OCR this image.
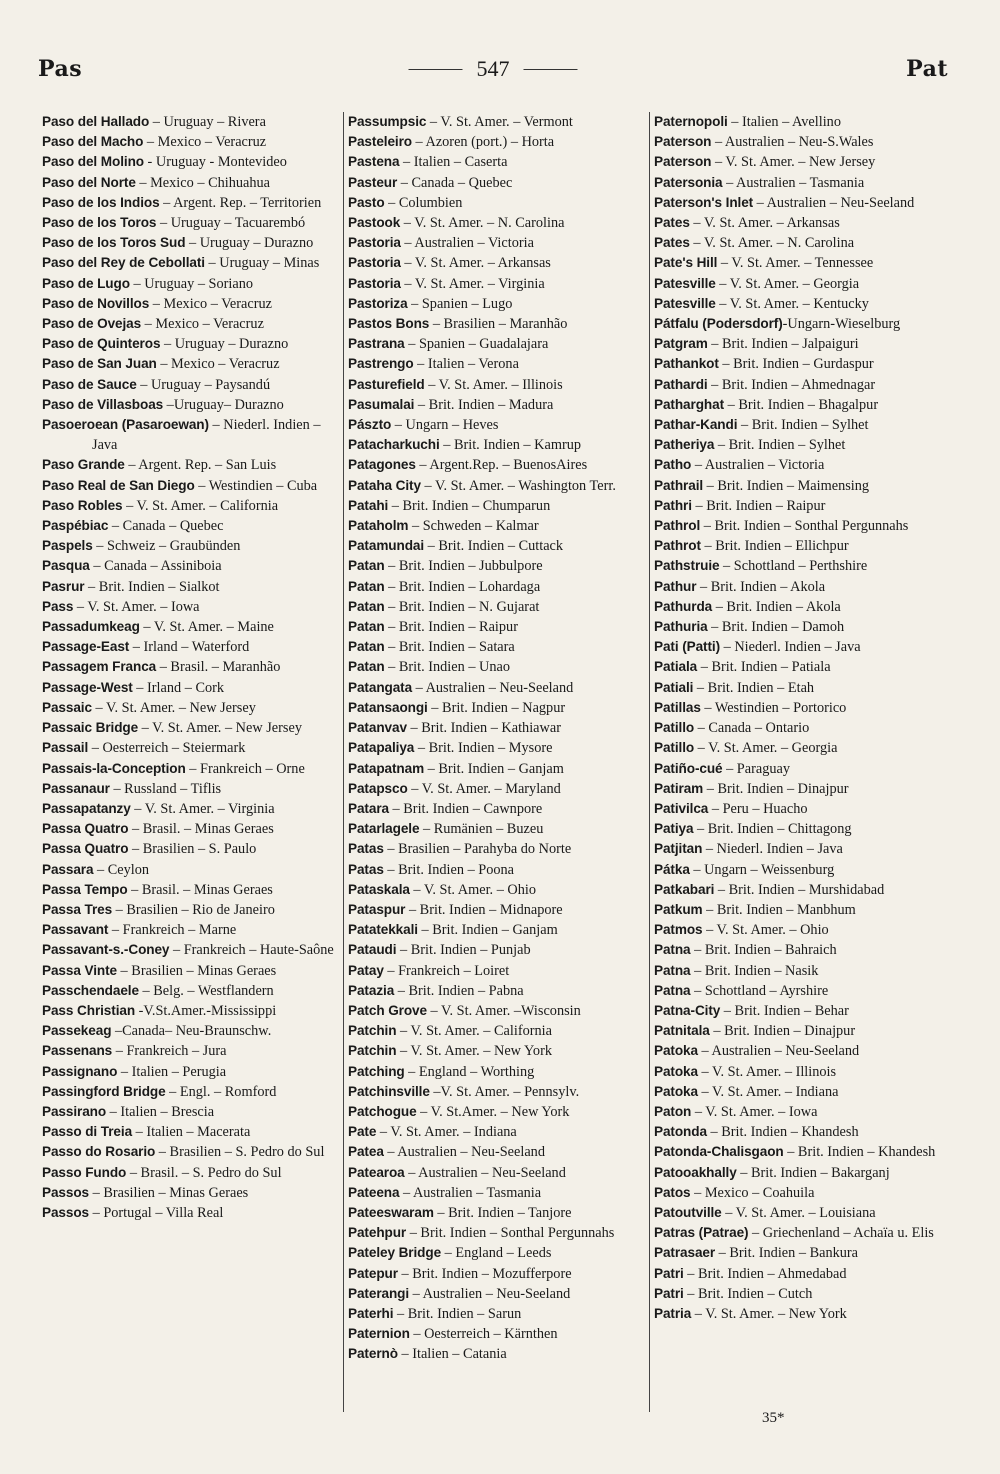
Pas	547	Pat
Paso del Hallado – Uruguay – Rivera
Paso del Macho – Mexico – Veracruz
Paso del Molino - Uruguay - Montevideo
Paso del Norte – Mexico – Chihuahua
Paso de los Indios – Argent. Rep. – Territorien
Paso de los Toros – Uruguay – Tacuarembó
Paso de los Toros Sud – Uruguay – Durazno
Paso del Rey de Cebollati – Uruguay – Minas
Paso de Lugo – Uruguay – Soriano
Paso de Novillos – Mexico – Veracruz
Paso de Ovejas – Mexico – Veracruz
Paso de Quinteros – Uruguay – Durazno
Paso de San Juan – Mexico – Veracruz
Paso de Sauce – Uruguay – Paysandú
Paso de Villasboas –Uruguay– Durazno
Pasoeroean (Pasaroewan) – Niederl. Indien – Java
Paso Grande – Argent. Rep. – San Luis
Paso Real de San Diego – Westindien – Cuba
Paso Robles – V. St. Amer. – California
Paspébiac – Canada – Quebec
Paspels – Schweiz – Graubünden
Pasqua – Canada – Assiniboia
Pasrur – Brit. Indien – Sialkot
Pass – V. St. Amer. – Iowa
Passadumkeag – V. St. Amer. – Maine
Passage-East – Irland – Waterford
Passagem Franca – Brasil. – Maranhão
Passage-West – Irland – Cork
Passaic – V. St. Amer. – New Jersey
Passaic Bridge – V. St. Amer. – New Jersey
Passail – Oesterreich – Steiermark
Passais-la-Conception – Frankreich – Orne
Passanaur – Russland – Tiflis
Passapatanzy – V. St. Amer. – Virginia
Passa Quatro – Brasil. – Minas Geraes
Passa Quatro – Brasilien – S. Paulo
Passara – Ceylon
Passa Tempo – Brasil. – Minas Geraes
Passa Tres – Brasilien – Rio de Janeiro
Passavant – Frankreich – Marne
Passavant-s.-Coney – Frankreich – Haute-Saône
Passa Vinte – Brasilien – Minas Geraes
Passchendaele – Belg. – Westflandern
Pass Christian -V.St.Amer.-Mississippi
Passekeag –Canada– Neu-Braunschw.
Passenans – Frankreich – Jura
Passignano – Italien – Perugia
Passingford Bridge – Engl. – Romford
Passirano – Italien – Brescia
Passo di Treia – Italien – Macerata
Passo do Rosario – Brasilien – S. Pedro do Sul
Passo Fundo – Brasil. – S. Pedro do Sul
Passos – Brasilien – Minas Geraes
Passos – Portugal – Villa Real
Passumpsic – V. St. Amer. – Vermont
Pasteleiro – Azoren (port.) – Horta
Pastena – Italien – Caserta
Pasteur – Canada – Quebec
Pasto – Columbien
Pastook – V. St. Amer. – N. Carolina
Pastoria – Australien – Victoria
Pastoria – V. St. Amer. – Arkansas
Pastoria – V. St. Amer. – Virginia
Pastoriza – Spanien – Lugo
Pastos Bons – Brasilien – Maranhão
Pastrana – Spanien – Guadalajara
Pastrengo – Italien – Verona
Pasturefield – V. St. Amer. – Illinois
Pasumalai – Brit. Indien – Madura
Pászto – Ungarn – Heves
Patacharkuchi – Brit. Indien – Kamrup
Patagones – Argent.Rep. – BuenosAires
Pataha City – V. St. Amer. – Washington Terr.
Patahi – Brit. Indien – Chumparun
Pataholm – Schweden – Kalmar
Patamundai – Brit. Indien – Cuttack
Patan – Brit. Indien – Jubbulpore
Patan – Brit. Indien – Lohardaga
Patan – Brit. Indien – N. Gujarat
Patan – Brit. Indien – Raipur
Patan – Brit. Indien – Satara
Patan – Brit. Indien – Unao
Patangata – Australien – Neu-Seeland
Patansaongi – Brit. Indien – Nagpur
Patanvav – Brit. Indien – Kathiawar
Patapaliya – Brit. Indien – Mysore
Patapatnam – Brit. Indien – Ganjam
Patapsco – V. St. Amer. – Maryland
Patara – Brit. Indien – Cawnpore
Patarlagele – Rumänien – Buzeu
Patas – Brasilien – Parahyba do Norte
Patas – Brit. Indien – Poona
Pataskala – V. St. Amer. – Ohio
Pataspur – Brit. Indien – Midnapore
Patatekkali – Brit. Indien – Ganjam
Pataudi – Brit. Indien – Punjab
Patay – Frankreich – Loiret
Patazia – Brit. Indien – Pabna
Patch Grove – V. St. Amer. –Wisconsin
Patchin – V. St. Amer. – California
Patchin – V. St. Amer. – New York
Patching – England – Worthing
Patchinsville –V. St. Amer. – Pennsylv.
Patchogue – V. St.Amer. – New York
Pate – V. St. Amer. – Indiana
Patea – Australien – Neu-Seeland
Patearoa – Australien – Neu-Seeland
Pateena – Australien – Tasmania
Pateeswaram – Brit. Indien – Tanjore
Patehpur – Brit. Indien – Sonthal Pergunnahs
Pateley Bridge – England – Leeds
Patepur – Brit. Indien – Mozufferpore
Paterangi – Australien – Neu-Seeland
Paterhi – Brit. Indien – Sarun
Paternion – Oesterreich – Kärnthen
Paternò – Italien – Catania
Paternopoli – Italien – Avellino
Paterson – Australien – Neu-S.Wales
Paterson – V. St. Amer. – New Jersey
Patersonia – Australien – Tasmania
Paterson's Inlet – Australien – Neu-Seeland
Pates – V. St. Amer. – Arkansas
Pates – V. St. Amer. – N. Carolina
Pate's Hill – V. St. Amer. – Tennessee
Patesville – V. St. Amer. – Georgia
Patesville – V. St. Amer. – Kentucky
Pátfalu (Podersdorf)-Ungarn-Wieselburg
Patgram – Brit. Indien – Jalpaiguri
Pathankot – Brit. Indien – Gurdaspur
Pathardi – Brit. Indien – Ahmednagar
Patharghat – Brit. Indien – Bhagalpur
Pathar-Kandi – Brit. Indien – Sylhet
Patheriya – Brit. Indien – Sylhet
Patho – Australien – Victoria
Pathrail – Brit. Indien – Maimensing
Pathri – Brit. Indien – Raipur
Pathrol – Brit. Indien – Sonthal Pergunnahs
Pathrot – Brit. Indien – Ellichpur
Pathstruie – Schottland – Perthshire
Pathur – Brit. Indien – Akola
Pathurda – Brit. Indien – Akola
Pathuria – Brit. Indien – Damoh
Pati (Patti) – Niederl. Indien – Java
Patiala – Brit. Indien – Patiala
Patiali – Brit. Indien – Etah
Patillas – Westindien – Portorico
Patillo – Canada – Ontario
Patillo – V. St. Amer. – Georgia
Patiño-cué – Paraguay
Patiram – Brit. Indien – Dinajpur
Pativilca – Peru – Huacho
Patiya – Brit. Indien – Chittagong
Patjitan – Niederl. Indien – Java
Pátka – Ungarn – Weissenburg
Patkabari – Brit. Indien – Murshidabad
Patkum – Brit. Indien – Manbhum
Patmos – V. St. Amer. – Ohio
Patna – Brit. Indien – Bahraich
Patna – Brit. Indien – Nasik
Patna – Schottland – Ayrshire
Patna-City – Brit. Indien – Behar
Patnitala – Brit. Indien – Dinajpur
Patoka – Australien – Neu-Seeland
Patoka – V. St. Amer. – Illinois
Patoka – V. St. Amer. – Indiana
Paton – V. St. Amer. – Iowa
Patonda – Brit. Indien – Khandesh
Patonda-Chalisgaon – Brit. Indien – Khandesh
Patooakhally – Brit. Indien – Bakarganj
Patos – Mexico – Coahuila
Patoutville – V. St. Amer. – Louisiana
Patras (Patrae) – Griechenland – Achaïa u. Elis
Patrasaer – Brit. Indien – Bankura
Patri – Brit. Indien – Ahmedabad
Patri – Brit. Indien – Cutch
Patria – V. St. Amer. – New York
35*
